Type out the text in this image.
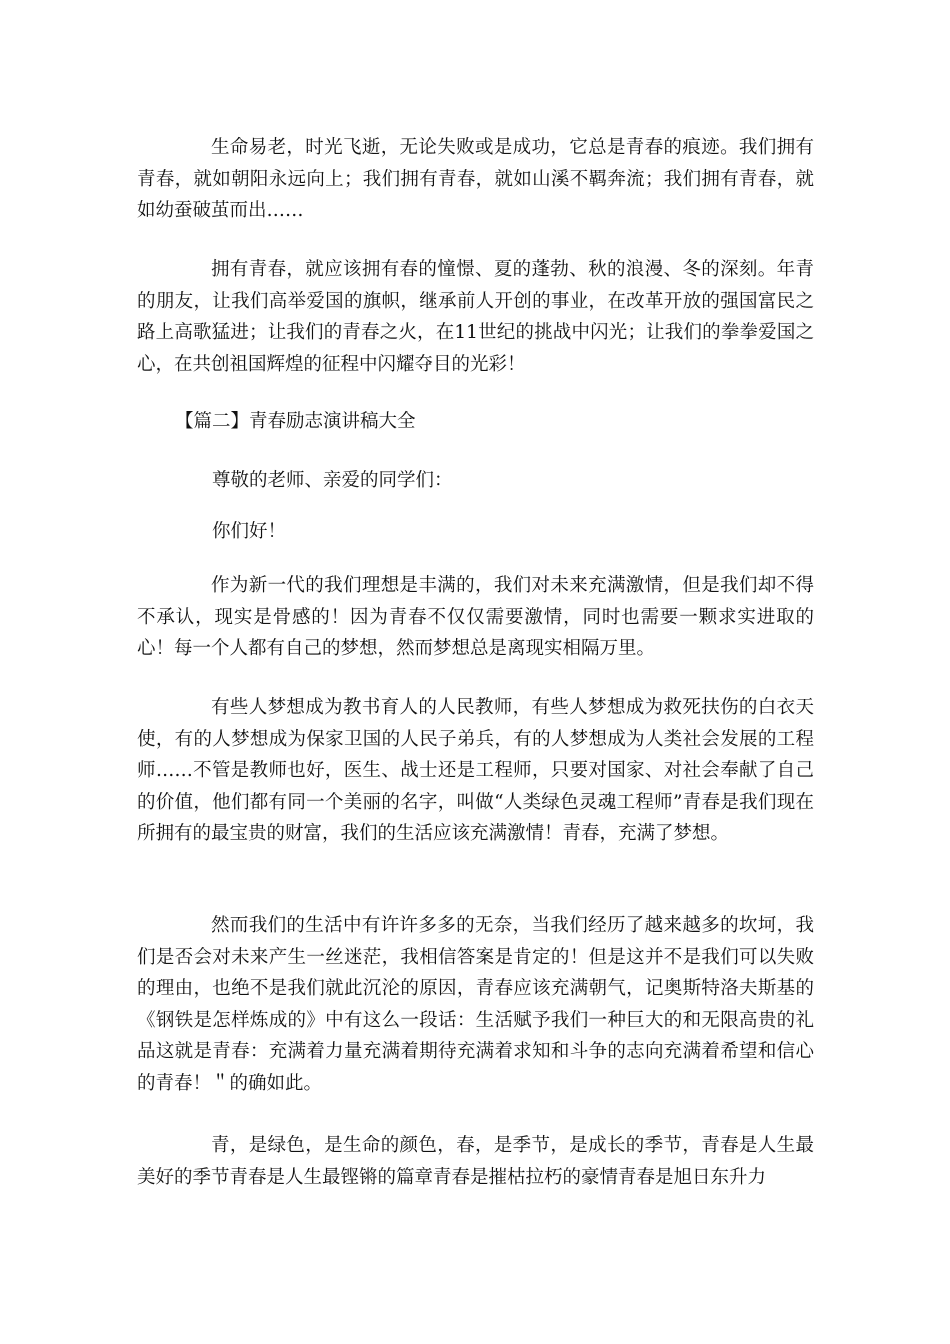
生命易老，时光飞逝，无论失败或是成功，它总是青春的痕迹。我们拥有青春，就如朝阳永远向上；我们拥有青春，就如山溪不羁奔流；我们拥有青春，就如幼蚕破茧而出……

拥有青春，就应该拥有春的憧憬、夏的蓬勃、秋的浪漫、冬的深刻。年青的朋友，让我们高举爱国的旗帜，继承前人开创的事业，在改革开放的强国富民之路上高歌猛进；让我们的青春之火，在11世纪的挑战中闪光；让我们的拳拳爱国之心，在共创祖国辉煌的征程中闪耀夺目的光彩！

【篇二】青春励志演讲稿大全

尊敬的老师、亲爱的同学们：

你们好！

作为新一代的我们理想是丰满的，我们对未来充满激情，但是我们却不得不承认，现实是骨感的！因为青春不仅仅需要激情，同时也需要一颗求实进取的心！每一个人都有自己的梦想，然而梦想总是离现实相隔万里。

有些人梦想成为教书育人的人民教师，有些人梦想成为救死扶伤的白衣天使，有的人梦想成为保家卫国的人民子弟兵，有的人梦想成为人类社会发展的工程师……不管是教师也好，医生、战士还是工程师，只要对国家、对社会奉献了自己的价值，他们都有同一个美丽的名字，叫做“人类绿色灵魂工程师”青春是我们现在所拥有的最宝贵的财富，我们的生活应该充满激情！青春，充满了梦想。

然而我们的生活中有许许多多的无奈，当我们经历了越来越多的坎坷，我们是否会对未来产生一丝迷茫，我相信答案是肯定的！但是这并不是我们可以失败的理由，也绝不是我们就此沉沦的原因，青春应该充满朝气，记奥斯特洛夫斯基的《钢铁是怎样炼成的》中有这么一段话：生活赋予我们一种巨大的和无限高贵的礼品这就是青春：充满着力量充满着期待充满着求知和斗争的志向充满着希望和信心的青春！＂的确如此。

青，是绿色，是生命的颜色，春，是季节，是成长的季节，青春是人生最美好的季节青春是人生最铿锵的篇章青春是摧枯拉朽的豪情青春是旭日东升力
